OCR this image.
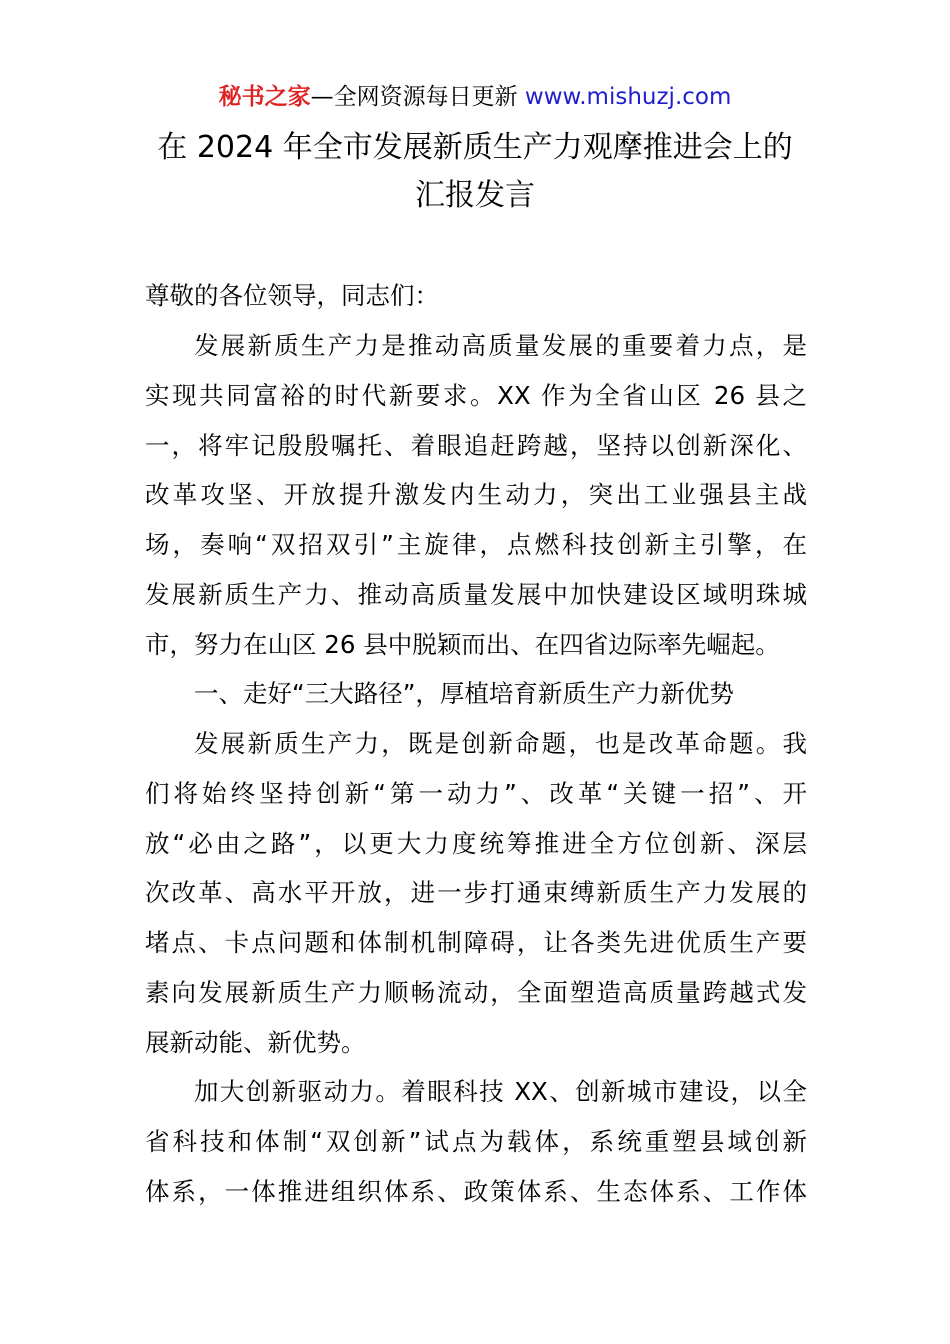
秘书之家—全网资源每日更新 www.mishuzj.com
在 2024 年全市发展新质生产力观摩推进会上的
汇报发言
尊敬的各位领导，同志们：
发展新质生产力是推动高质量发展的重要着力点，是
实现共同富裕的时代新要求。XX 作为全省山区 26 县之
一，将牢记殷殷嘱托、着眼追赶跨越，坚持以创新深化、
改革攻坚、开放提升激发内生动力，突出工业强县主战
场，奏响“双招双引”主旋律，点燃科技创新主引擎，在
发展新质生产力、推动高质量发展中加快建设区域明珠城
市，努力在山区 26 县中脱颖而出、在四省边际率先崛起。
一、走好“三大路径”，厚植培育新质生产力新优势
发展新质生产力，既是创新命题，也是改革命题。我
们将始终坚持创新“第一动力”、改革“关键一招”、开
放“必由之路”，以更大力度统筹推进全方位创新、深层
次改革、高水平开放，进一步打通束缚新质生产力发展的
堵点、卡点问题和体制机制障碍，让各类先进优质生产要
素向发展新质生产力顺畅流动，全面塑造高质量跨越式发
展新动能、新优势。
加大创新驱动力。着眼科技 XX、创新城市建设，以全
省科技和体制“双创新”试点为载体，系统重塑县域创新
体系，一体推进组织体系、政策体系、生态体系、工作体
